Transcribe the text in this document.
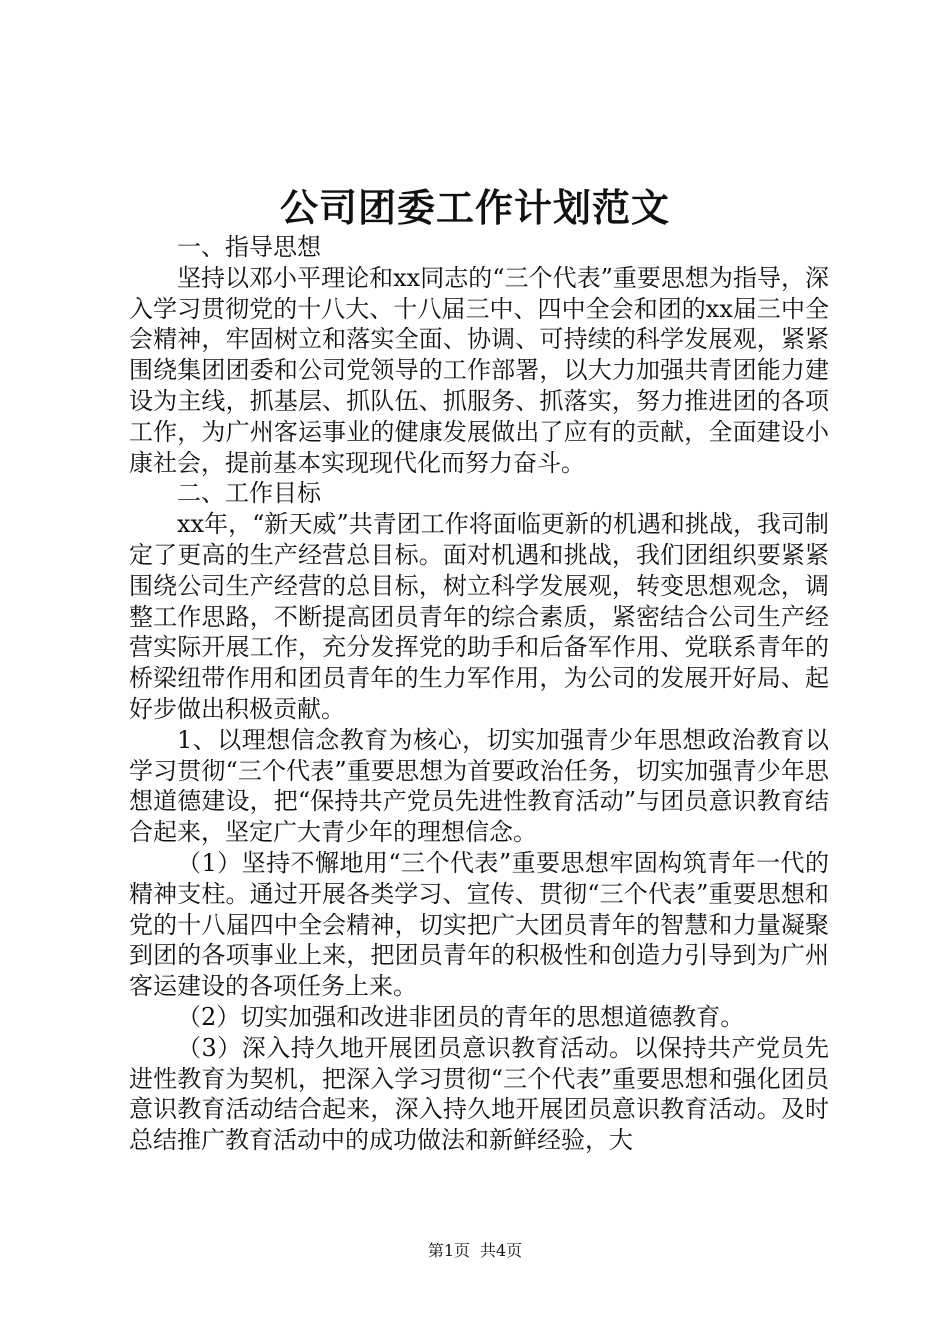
公司团委工作计划范文

一、指导思想

坚持以邓小平理论和xx同志的“三个代表”重要思想为指导，深入学习贯彻党的十八大、十八届三中、四中全会和团的xx届三中全会精神，牢固树立和落实全面、协调、可持续的科学发展观，紧紧围绕集团团委和公司党领导的工作部署，以大力加强共青团能力建设为主线，抓基层、抓队伍、抓服务、抓落实，努力推进团的各项工作，为广州客运事业的健康发展做出了应有的贡献，全面建设小康社会，提前基本实现现代化而努力奋斗。

二、工作目标

xx年，“新天威”共青团工作将面临更新的机遇和挑战，我司制定了更高的生产经营总目标。面对机遇和挑战，我们团组织要紧紧围绕公司生产经营的总目标，树立科学发展观，转变思想观念，调整工作思路，不断提高团员青年的综合素质，紧密结合公司生产经营实际开展工作，充分发挥党的助手和后备军作用、党联系青年的桥梁纽带作用和团员青年的生力军作用，为公司的发展开好局、起好步做出积极贡献。

1、以理想信念教育为核心，切实加强青少年思想政治教育以学习贯彻“三个代表”重要思想为首要政治任务，切实加强青少年思想道德建设，把“保持共产党员先进性教育活动”与团员意识教育结合起来，坚定广大青少年的理想信念。

（1）坚持不懈地用“三个代表”重要思想牢固构筑青年一代的精神支柱。通过开展各类学习、宣传、贯彻“三个代表”重要思想和党的十八届四中全会精神，切实把广大团员青年的智慧和力量凝聚到团的各项事业上来，把团员青年的积极性和创造力引导到为广州客运建设的各项任务上来。

（2）切实加强和改进非团员的青年的思想道德教育。

（3）深入持久地开展团员意识教育活动。以保持共产党员先进性教育为契机，把深入学习贯彻“三个代表”重要思想和强化团员意识教育活动结合起来，深入持久地开展团员意识教育活动。及时总结推广教育活动中的成功做法和新鲜经验，大

第1页 共4页
